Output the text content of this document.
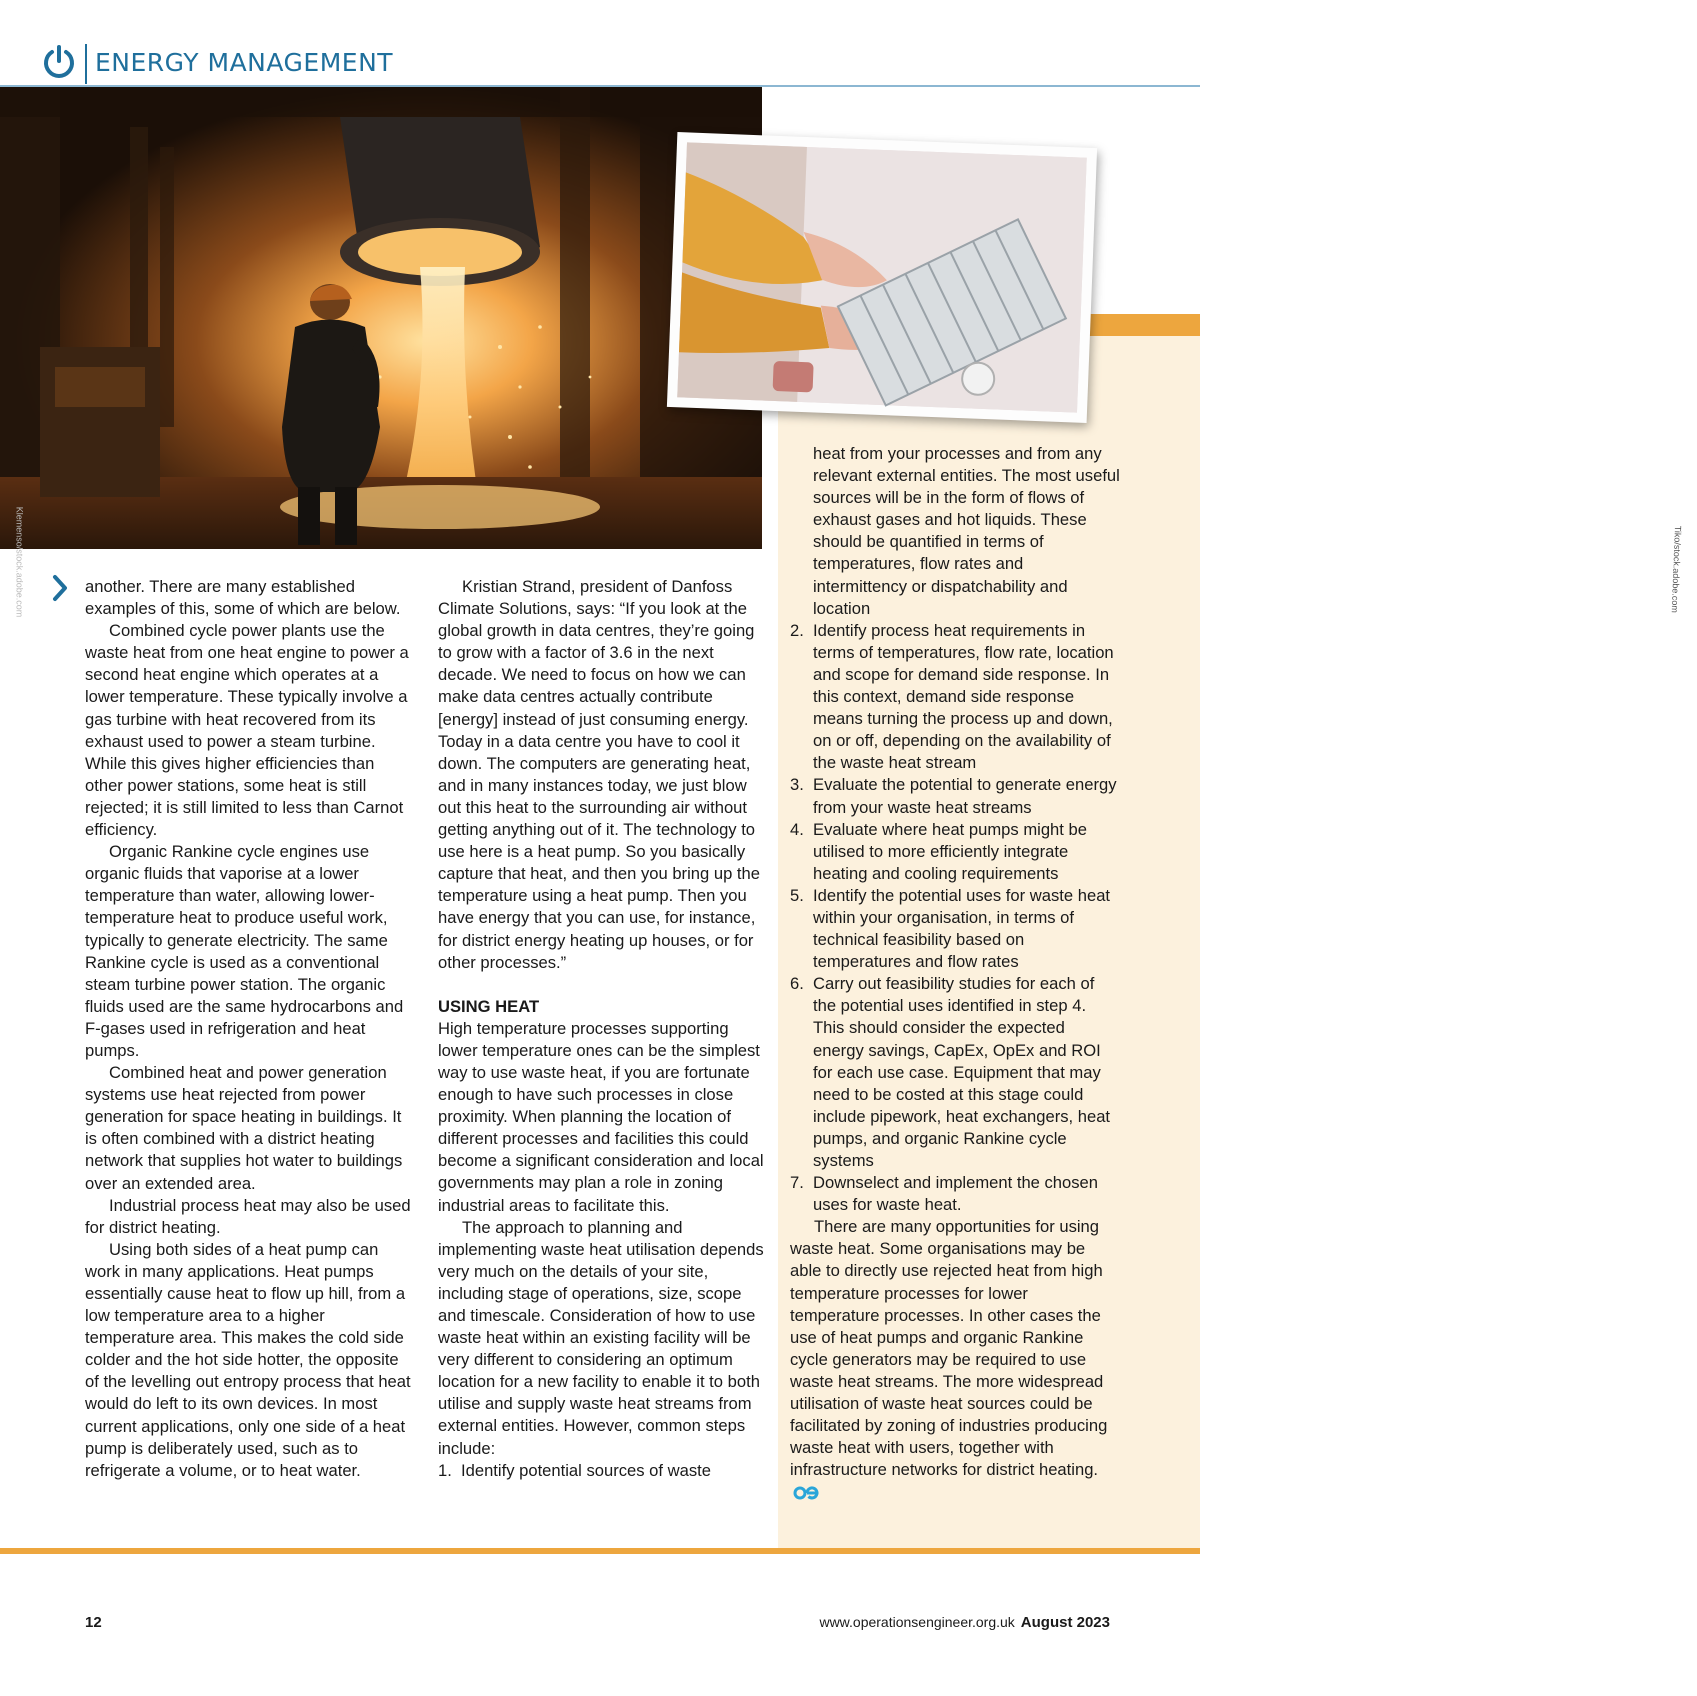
ENERGY MANAGEMENT
Klemenso/stock.adobe.com	Tiko/stock.adobe.com

another. There are many established examples of this, some of which are below.

Combined cycle power plants use the waste heat from one heat engine to power a second heat engine which operates at a lower temperature. These typically involve a gas turbine with heat recovered from its exhaust used to power a steam turbine. While this gives higher efficiencies than other power stations, some heat is still rejected; it is still limited to less than Carnot efficiency.

Organic Rankine cycle engines use organic fluids that vaporise at a lower temperature than water, allowing lower-temperature heat to produce useful work, typically to generate electricity. The same Rankine cycle is used as a conventional steam turbine power station. The organic fluids used are the same hydrocarbons and F-gases used in refrigeration and heat pumps.

Combined heat and power generation systems use heat rejected from power generation for space heating in buildings. It is often combined with a district heating network that supplies hot water to buildings over an extended area.

Industrial process heat may also be used for district heating.

Using both sides of a heat pump can work in many applications. Heat pumps essentially cause heat to flow up hill, from a low temperature area to a higher temperature area. This makes the cold side colder and the hot side hotter, the opposite of the levelling out entropy process that heat would do left to its own devices. In most current applications, only one side of a heat pump is deliberately used, such as to refrigerate a volume, or to heat water.

Kristian Strand, president of Danfoss Climate Solutions, says: “If you look at the global growth in data centres, they’re going to grow with a factor of 3.6 in the next decade. We need to focus on how we can make data centres actually contribute [energy] instead of just consuming energy. Today in a data centre you have to cool it down. The computers are generating heat, and in many instances today, we just blow out this heat to the surrounding air without getting anything out of it. The technology to use here is a heat pump. So you basically capture that heat, and then you bring up the temperature using a heat pump. Then you have energy that you can use, for instance, for district energy heating up houses, or for other processes.”

USING HEAT

High temperature processes supporting lower temperature ones can be the simplest way to use waste heat, if you are fortunate enough to have such processes in close proximity. When planning the location of different processes and facilities this could become a significant consideration and local governments may plan a role in zoning industrial areas to facilitate this.

The approach to planning and implementing waste heat utilisation depends very much on the details of your site, including stage of operations, size, scope and timescale. Consideration of how to use waste heat within an existing facility will be very different to considering an optimum location for a new facility to enable it to both utilise and supply waste heat streams from external entities. However, common steps include:

1. Identify potential sources of waste
heat from your processes and from any relevant external entities. The most useful sources will be in the form of flows of exhaust gases and hot liquids. These should be quantified in terms of temperatures, flow rates and intermittency or dispatchability and location
2. Identify process heat requirements in terms of temperatures, flow rate, location and scope for demand side response. In this context, demand side response means turning the process up and down, on or off, depending on the availability of the waste heat stream
3. Evaluate the potential to generate energy from your waste heat streams
4. Evaluate where heat pumps might be utilised to more efficiently integrate heating and cooling requirements
5. Identify the potential uses for waste heat within your organisation, in terms of technical feasibility based on temperatures and flow rates
6. Carry out feasibility studies for each of the potential uses identified in step 4. This should consider the expected energy savings, CapEx, OpEx and ROI for each use case. Equipment that may need to be costed at this stage could include pipework, heat exchangers, heat pumps, and organic Rankine cycle systems
7. Downselect and implement the chosen uses for waste heat.

There are many opportunities for using waste heat. Some organisations may be able to directly use rejected heat from high temperature processes for lower temperature processes. In other cases the use of heat pumps and organic Rankine cycle generators may be required to use waste heat streams. The more widespread utilisation of waste heat sources could be facilitated by zoning of industries producing waste heat with users, together with infrastructure networks for district heating.

12	www.operationsengineer.org.uk August 2023
